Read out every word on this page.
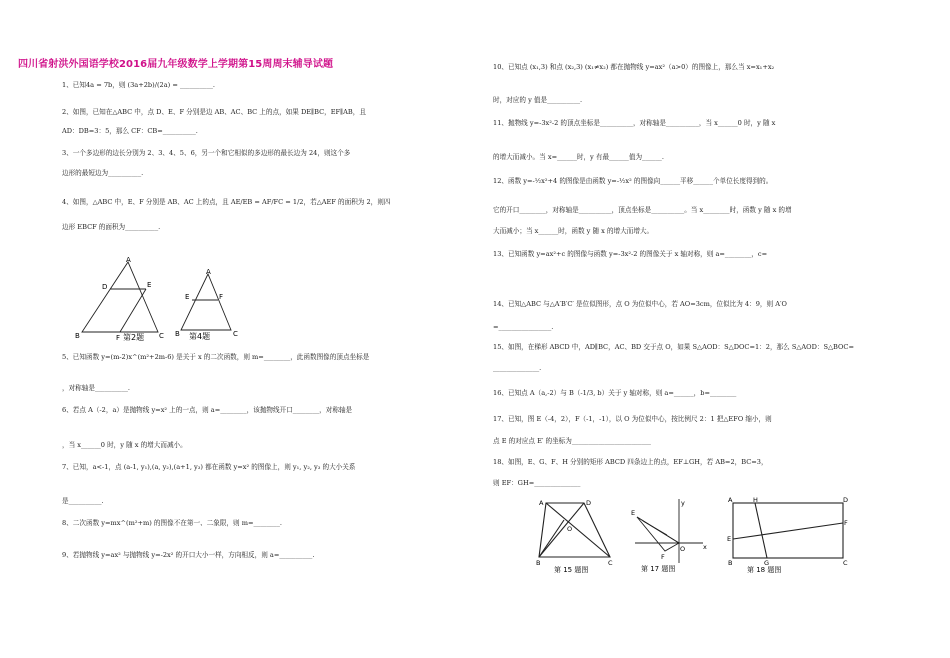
四川省射洪外国语学校2016届九年级数学上学期第15周周末辅导试题
1、已知4a = 7b，则 (3a+2b)/(2a) = __________.
2、如图，已知在△ABC 中，点 D、E、F 分别是边 AB、AC、BC 上的点，如果 DE∥BC，EF∥AB，且
AD：DB=3：5，那么 CF：CB=__________.
3、一个多边形的边长分别为 2、3、4、5、6，另一个和它相似的多边形的最长边为 24，则这个多
边形的最短边为__________.
4、如图，△ABC 中，E、F 分别是 AB、AC 上的点，且 AE/EB = AF/FC = 1/2，若△AEF 的面积为 2，则四
边形 EBCF 的面积为__________.
A
D	E
B	F	C
第2题
A
E	F
B	C
第4题
5、已知函数 y=(m-2)x^(m²+2m-6) 是关于 x 的二次函数，则 m=________，此函数图像的顶点坐标是
，对称轴是__________.
6、若点 A（-2，a）是抛物线 y=x² 上的一点，则 a=________，该抛物线开口________，对称轴是
，当 x______0 时，y 随 x 的增大而减小。
7、已知，a<-1，点 (a-1, y₁),(a, y₂),(a+1, y₃) 都在函数 y=x² 的图像上，则 y₁, y₂, y₃ 的大小关系
是__________.
8、二次函数 y=mx^(m²+m) 的图像不在第一、二象限，则 m=________.
9、若抛物线 y=ax² 与抛物线 y=-2x² 的开口大小一样，方向相反，则 a=__________.
10、已知点 (x₁,3) 和点 (x₂,3) (x₁≠x₂) 都在抛物线 y=ax²（a>0）的图像上，那么当 x=x₁+x₂
时，对应的 y 值是__________.
11、抛物线 y=-3x²-2 的顶点坐标是__________，对称轴是__________，当 x______0 时，y 随 x
的增大而减小。当 x=______时，y 有最______值为______.
12、函数 y=-½x²+4 的图像是由函数 y=-½x² 的图像向______平移______个单位长度得到的。
它的开口________，对称轴是__________，顶点坐标是__________。当 x________时，函数 y 随 x 的增
大而减小；当 x______时，函数 y 随 x 的增大而增大。
13、已知函数 y=ax²+c 的图像与函数 y=-3x²-2 的图像关于 x 轴对称，则 a=________，c=
14、已知△ABC 与△A′B′C′ 是位似图形，点 O 为位似中心，若 AO=3cm，位似比为 4：9，则 A′O
=________________.
15、如图，在梯形 ABCD 中，AD∥BC，AC、BD 交于点 O，如果 S△AOD：S△DOC=1：2，那么 S△AOD：S△BOC=
______________.
16、已知点 A（a,-2）与 B（-1/3, b）关于 y 轴对称，则 a=______，b=________
17、已知，图 E（-4，2），F（-1，-1），以 O 为位似中心，按比例尺 2：1 把△EFO 缩小，则
点 E 的对应点 E′ 的坐标为________________________
18、如图，E、G、F、H 分别的矩形 ABCD 四条边上的点，EF⊥GH，若 AB=2，BC=3，
则 EF：GH=______________
A	D
O
B	C
第 15 题图
E
F
O	x
y
第 17 题图
A	H	D
E
F
B	G	C
第 18 题图
